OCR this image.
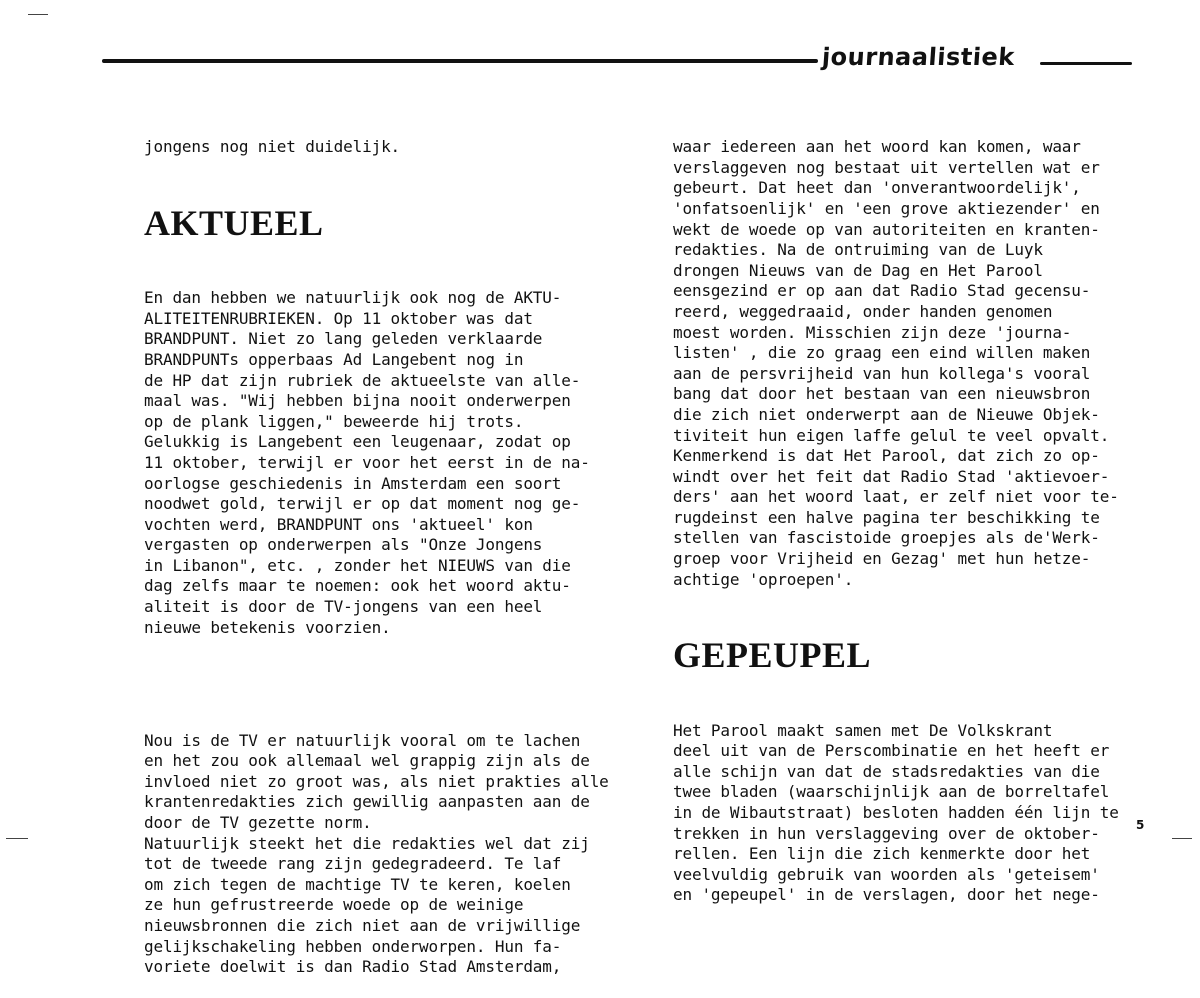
journaalistiek

jongens nog niet duidelijk.

AKTUEEL

En dan hebben we natuurlijk ook nog de AKTU-
ALITEITENRUBRIEKEN. Op 11 oktober was dat
BRANDPUNT. Niet zo lang geleden verklaarde
BRANDPUNTs opperbaas Ad Langebent nog in
de HP dat zijn rubriek de aktueelste van alle-
maal was. "Wij hebben bijna nooit onderwerpen
op de plank liggen," beweerde hij trots.
Gelukkig is Langebent een leugenaar, zodat op
11 oktober, terwijl er voor het eerst in de na-
oorlogse geschiedenis in Amsterdam een soort
noodwet gold, terwijl er op dat moment nog ge-
vochten werd, BRANDPUNT ons 'aktueel' kon
vergasten op onderwerpen als "Onze Jongens
in Libanon", etc. , zonder het NIEUWS van die
dag zelfs maar te noemen: ook het woord aktu-
aliteit is door de TV-jongens van een heel
nieuwe betekenis voorzien.

Nou is de TV er natuurlijk vooral om te lachen
en het zou ook allemaal wel grappig zijn als de
invloed niet zo groot was, als niet prakties alle
krantenredakties zich gewillig aanpasten aan de
door de TV gezette norm.
Natuurlijk steekt het die redakties wel dat zij
tot de tweede rang zijn gedegradeerd. Te laf
om zich tegen de machtige TV te keren, koelen
ze hun gefrustreerde woede op de weinige
nieuwsbronnen die zich niet aan de vrijwillige
gelijkschakeling hebben onderworpen. Hun fa-
voriete doelwit is dan Radio Stad Amsterdam,

waar iedereen aan het woord kan komen, waar
verslaggeven nog bestaat uit vertellen wat er
gebeurt. Dat heet dan 'onverantwoordelijk',
'onfatsoenlijk' en 'een grove aktiezender' en
wekt de woede op van autoriteiten en kranten-
redakties. Na de ontruiming van de Luyk
drongen Nieuws van de Dag en Het Parool
eensgezind er op aan dat Radio Stad gecensu-
reerd, weggedraaid, onder handen genomen
moest worden. Misschien zijn deze 'journa-
listen' , die zo graag een eind willen maken
aan de persvrijheid van hun kollega's vooral
bang dat door het bestaan van een nieuwsbron
die zich niet onderwerpt aan de Nieuwe Objek-
tiviteit hun eigen laffe gelul te veel opvalt.
Kenmerkend is dat Het Parool, dat zich zo op-
windt over het feit dat Radio Stad 'aktievoer-
ders' aan het woord laat, er zelf niet voor te-
rugdeinst een halve pagina ter beschikking te
stellen van fascistoide groepjes als de'Werk-
groep voor Vrijheid en Gezag' met hun hetze-
achtige 'oproepen'.

GEPEUPEL

Het Parool maakt samen met De Volkskrant
deel uit van de Perscombinatie en het heeft er
alle schijn van dat de stadsredakties van die
twee bladen (waarschijnlijk aan de borreltafel
in de Wibautstraat) besloten hadden één lijn te
trekken in hun verslaggeving over de oktober-
rellen. Een lijn die zich kenmerkte door het
veelvuldig gebruik van woorden als 'geteisem'
en 'gepeupel' in de verslagen, door het nege-

5
